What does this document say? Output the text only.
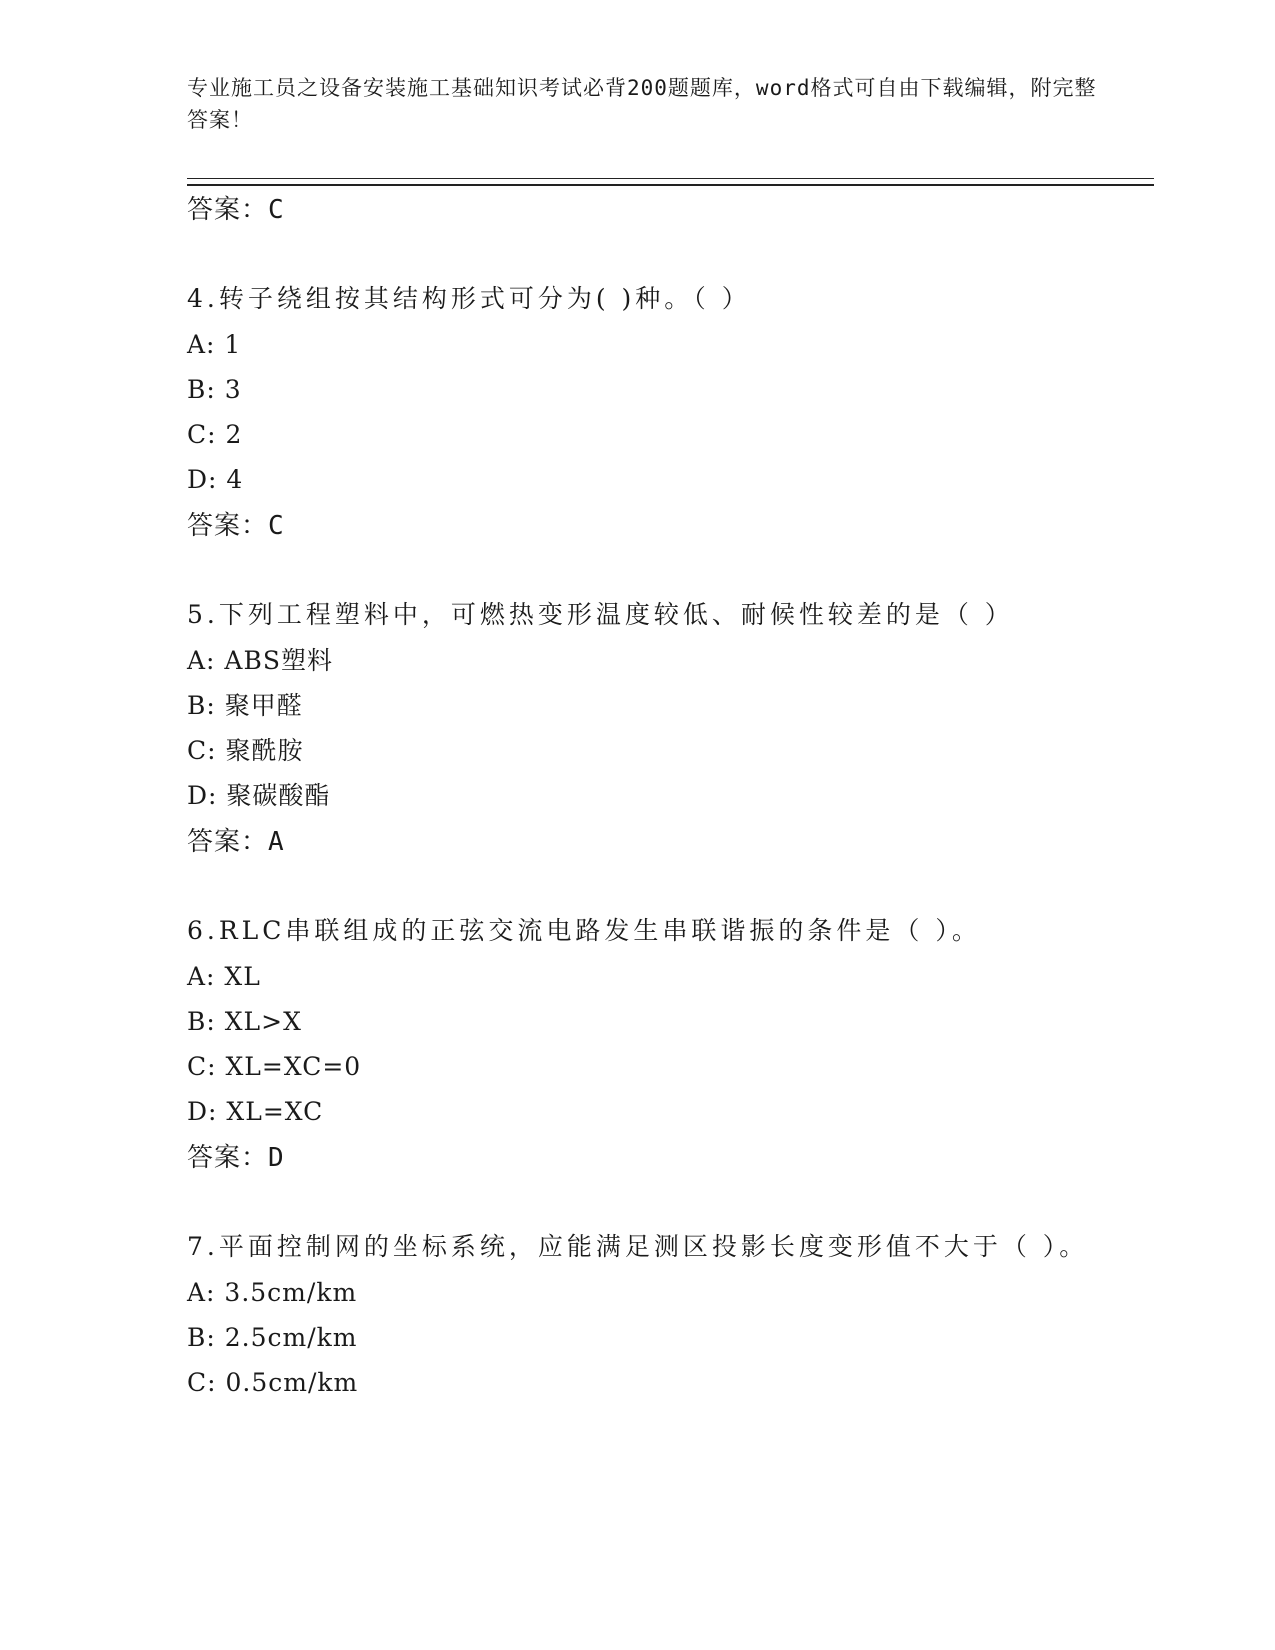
专业施工员之设备安装施工基础知识考试必背200题题库，word格式可自由下载编辑，附完整答案！
答案：C
4.转子绕组按其结构形式可分为( )种。（ ）
A: 1
B: 3
C: 2
D: 4
答案：C
5.下列工程塑料中，可燃热变形温度较低、耐候性较差的是（ ）
A: ABS塑料
B: 聚甲醛
C: 聚酰胺
D: 聚碳酸酯
答案：A
6.RLC串联组成的正弦交流电路发生串联谐振的条件是（ ）。
A: XL
B: XL>X
C: XL=XC=0
D: XL=XC
答案：D
7.平面控制网的坐标系统，应能满足测区投影长度变形值不大于（ ）。
A: 3.5cm/km
B: 2.5cm/km
C: 0.5cm/km
